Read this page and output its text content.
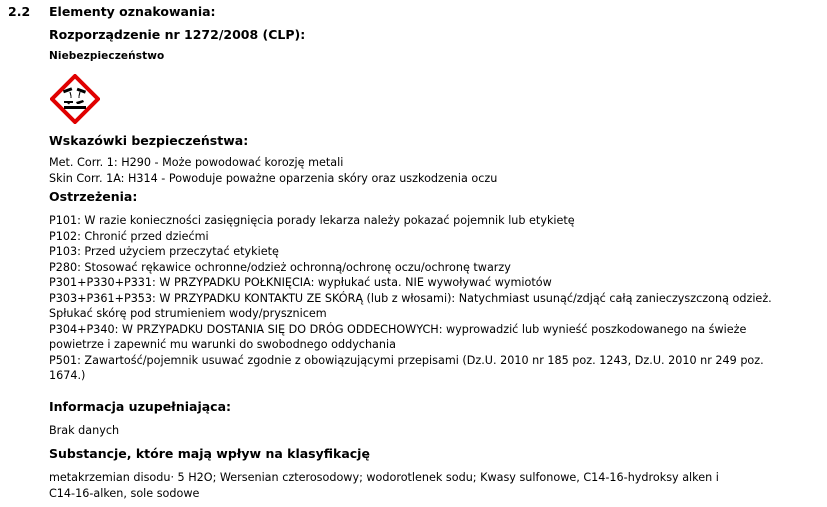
2.2 Elementy oznakowania:
Rozporządzenie nr 1272/2008 (CLP):
Niebezpieczeństwo
Wskazówki bezpieczeństwa:
Met. Corr. 1: H290 - Może powodować korozję metali
Skin Corr. 1A: H314 - Powoduje poważne oparzenia skóry oraz uszkodzenia oczu
Ostrzeżenia:
P101: W razie konieczności zasięgnięcia porady lekarza należy pokazać pojemnik lub etykietę
P102: Chronić przed dziećmi
P103: Przed użyciem przeczytać etykietę
P280: Stosować rękawice ochronne/odzież ochronną/ochronę oczu/ochronę twarzy
P301+P330+P331: W PRZYPADKU POŁKNIĘCIA: wypłukać usta. NIE wywoływać wymiotów
P303+P361+P353: W PRZYPADKU KONTAKTU ZE SKÓRĄ (lub z włosami): Natychmiast usunąć/zdjąć całą zanieczyszczoną odzież.
Spłukać skórę pod strumieniem wody/prysznicem
P304+P340: W PRZYPADKU DOSTANIA SIĘ DO DRÓG ODDECHOWYCH: wyprowadzić lub wynieść poszkodowanego na świeże
powietrze i zapewnić mu warunki do swobodnego oddychania
P501: Zawartość/pojemnik usuwać zgodnie z obowiązującymi przepisami (Dz.U. 2010 nr 185 poz. 1243, Dz.U. 2010 nr 249 poz.
1674.)
Informacja uzupełniająca:
Brak danych
Substancje, które mają wpływ na klasyfikację
metakrzemian disodu· 5 H2O; Wersenian czterosodowy; wodorotlenek sodu; Kwasy sulfonowe, C14-16-hydroksy alken i
C14-16-alken, sole sodowe
